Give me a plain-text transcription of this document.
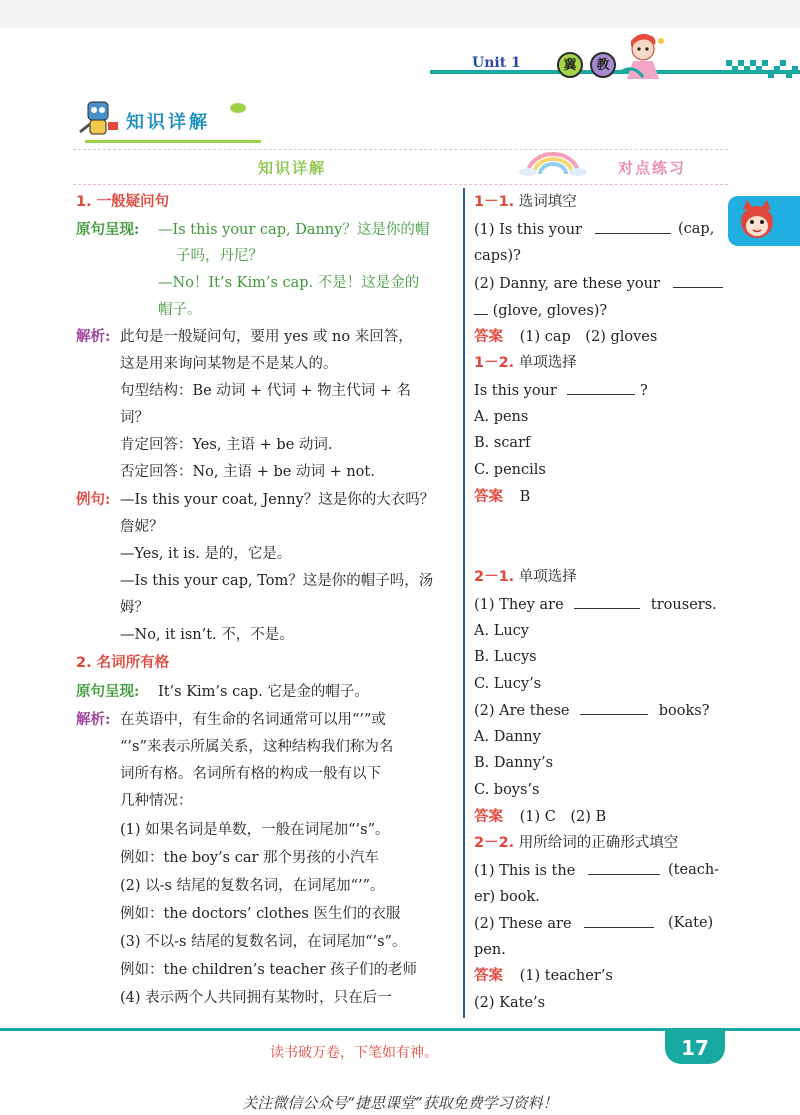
Unit 1	冀	教
知识详解
知识详解	对点练习
1. 一般疑问句
原句呈现: —Is this your cap, Danny？这是你的帽
子吗，丹尼？
—No！It’s Kim’s cap. 不是！这是金的
帽子。
解析: 此句是一般疑问句，要用 yes 或 no 来回答，
这是用来询问某物是不是某人的。
句型结构：Be 动词 + 代词 + 物主代词 + 名
词？
肯定回答：Yes, 主语 + be 动词.
否定回答：No, 主语 + be 动词 + not.
例句: —Is this your coat, Jenny？这是你的大衣吗？
詹妮？
—Yes, it is. 是的，它是。
—Is this your cap, Tom？这是你的帽子吗，汤
姆？
—No, it isn’t. 不，不是。
2. 名词所有格
原句呈现: It’s Kim’s cap. 它是金的帽子。
解析: 在英语中，有生命的名词通常可以用“’”或
“’s”来表示所属关系，这种结构我们称为名
词所有格。名词所有格的构成一般有以下
几种情况：
(1) 如果名词是单数，一般在词尾加“’s”。
例如：the boy’s car 那个男孩的小汽车
(2) 以-s 结尾的复数名词，在词尾加“’”。
例如：the doctors’ clothes 医生们的衣服
(3) 不以-s 结尾的复数名词，在词尾加“’s”。
例如：the children’s teacher 孩子们的老师
(4) 表示两个人共同拥有某物时，只在后一
1－1. 选词填空
(1) Is this your	(cap,
caps)?
(2) Danny, are these your
(glove, gloves)?
答案 (1) cap　(2) gloves
1－2. 单项选择
Is this your	?
A. pens
B. scarf
C. pencils
答案 B
2－1. 单项选择
(1) They are	trousers.
A. Lucy
B. Lucys
C. Lucy’s
(2) Are these	books?
A. Danny
B. Danny’s
C. boys’s
答案 (1) C　(2) B
2－2. 用所给词的正确形式填空
(1) This is the	(teach-
er) book.
(2) These are	(Kate)
pen.
答案 (1) teacher’s
(2) Kate’s
读书破万卷，下笔如有神。	17
关注微信公众号“捷思课堂”获取免费学习资料！
